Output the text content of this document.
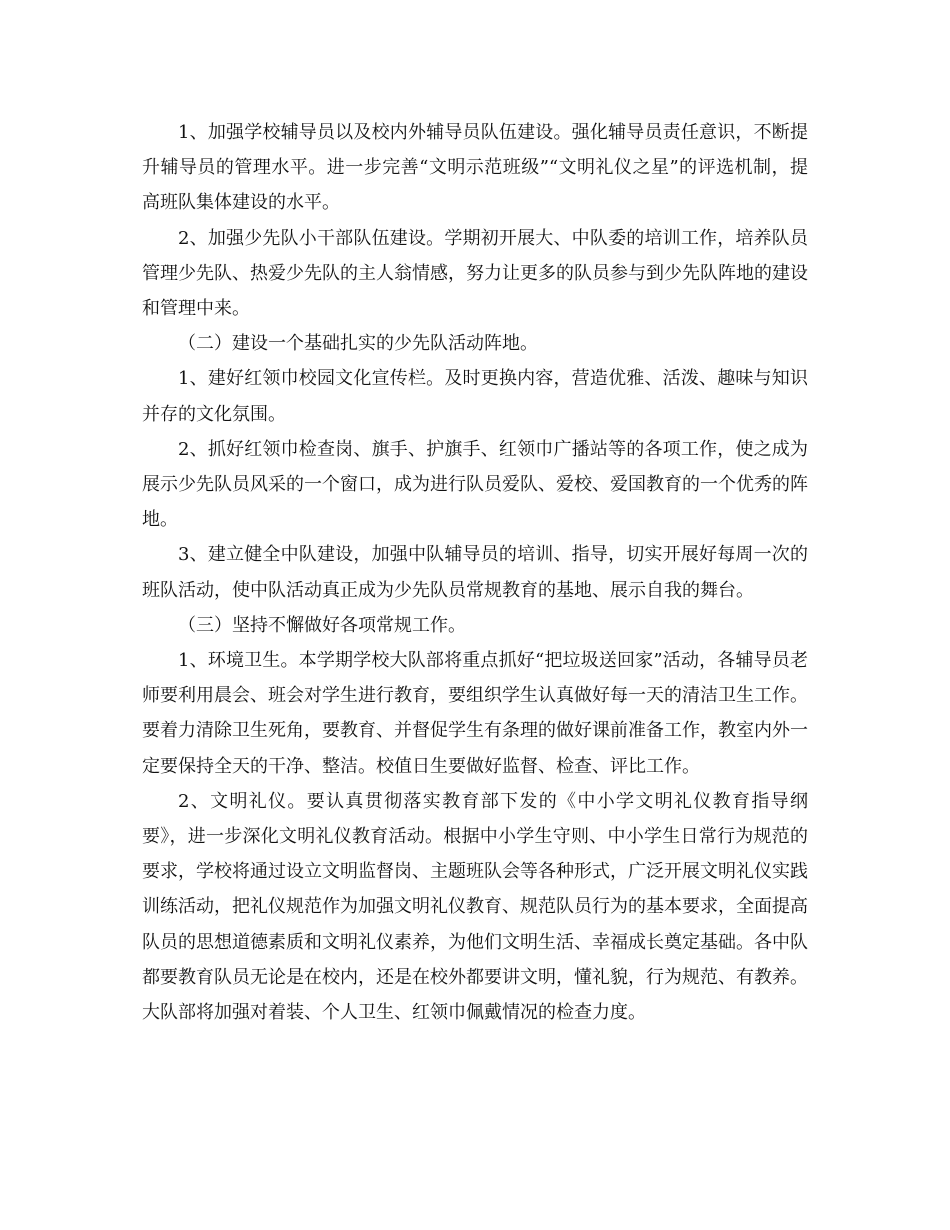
1、加强学校辅导员以及校内外辅导员队伍建设。强化辅导员责任意识，不断提升辅导员的管理水平。进一步完善“文明示范班级”“文明礼仪之星”的评选机制，提高班队集体建设的水平。

2、加强少先队小干部队伍建设。学期初开展大、中队委的培训工作，培养队员管理少先队、热爱少先队的主人翁情感，努力让更多的队员参与到少先队阵地的建设和管理中来。

（二）建设一个基础扎实的少先队活动阵地。

1、建好红领巾校园文化宣传栏。及时更换内容，营造优雅、活泼、趣味与知识并存的文化氛围。

2、抓好红领巾检查岗、旗手、护旗手、红领巾广播站等的各项工作，使之成为展示少先队员风采的一个窗口，成为进行队员爱队、爱校、爱国教育的一个优秀的阵地。

3、建立健全中队建设，加强中队辅导员的培训、指导，切实开展好每周一次的班队活动，使中队活动真正成为少先队员常规教育的基地、展示自我的舞台。

（三）坚持不懈做好各项常规工作。

1、环境卫生。本学期学校大队部将重点抓好“把垃圾送回家”活动，各辅导员老师要利用晨会、班会对学生进行教育，要组织学生认真做好每一天的清洁卫生工作。要着力清除卫生死角，要教育、并督促学生有条理的做好课前准备工作，教室内外一定要保持全天的干净、整洁。校值日生要做好监督、检查、评比工作。

2、文明礼仪。要认真贯彻落实教育部下发的《中小学文明礼仪教育指导纲要》，进一步深化文明礼仪教育活动。根据中小学生守则、中小学生日常行为规范的要求，学校将通过设立文明监督岗、主题班队会等各种形式，广泛开展文明礼仪实践训练活动，把礼仪规范作为加强文明礼仪教育、规范队员行为的基本要求，全面提高队员的思想道德素质和文明礼仪素养，为他们文明生活、幸福成长奠定基础。各中队都要教育队员无论是在校内，还是在校外都要讲文明，懂礼貌，行为规范、有教养。大队部将加强对着装、个人卫生、红领巾佩戴情况的检查力度。
